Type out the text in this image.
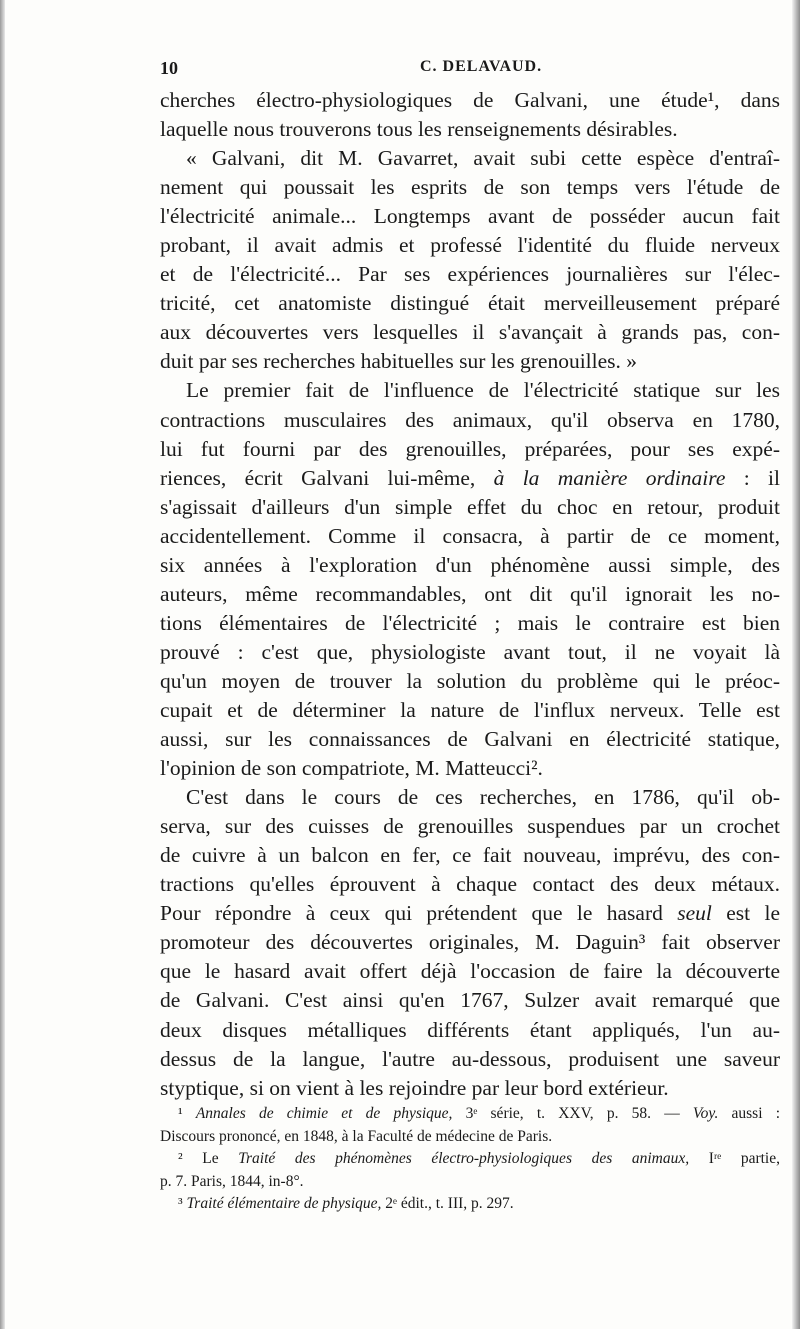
10	C. DELAVAUD.
cherches électro-physiologiques de Galvani, une étude¹, dans
laquelle nous trouverons tous les renseignements désirables.
« Galvani, dit M. Gavarret, avait subi cette espèce d'entraî-
nement qui poussait les esprits de son temps vers l'étude de
l'électricité animale... Longtemps avant de posséder aucun fait
probant, il avait admis et professé l'identité du fluide nerveux
et de l'électricité... Par ses expériences journalières sur l'élec-
tricité, cet anatomiste distingué était merveilleusement préparé
aux découvertes vers lesquelles il s'avançait à grands pas, con-
duit par ses recherches habituelles sur les grenouilles. »
Le premier fait de l'influence de l'électricité statique sur les
contractions musculaires des animaux, qu'il observa en 1780,
lui fut fourni par des grenouilles, préparées, pour ses expé-
riences, écrit Galvani lui-même, à la manière ordinaire : il
s'agissait d'ailleurs d'un simple effet du choc en retour, produit
accidentellement. Comme il consacra, à partir de ce moment,
six années à l'exploration d'un phénomène aussi simple, des
auteurs, même recommandables, ont dit qu'il ignorait les no-
tions élémentaires de l'électricité ; mais le contraire est bien
prouvé : c'est que, physiologiste avant tout, il ne voyait là
qu'un moyen de trouver la solution du problème qui le préoc-
cupait et de déterminer la nature de l'influx nerveux. Telle est
aussi, sur les connaissances de Galvani en électricité statique,
l'opinion de son compatriote, M. Matteucci².
C'est dans le cours de ces recherches, en 1786, qu'il ob-
serva, sur des cuisses de grenouilles suspendues par un crochet
de cuivre à un balcon en fer, ce fait nouveau, imprévu, des con-
tractions qu'elles éprouvent à chaque contact des deux métaux.
Pour répondre à ceux qui prétendent que le hasard seul est le
promoteur des découvertes originales, M. Daguin³ fait observer
que le hasard avait offert déjà l'occasion de faire la découverte
de Galvani. C'est ainsi qu'en 1767, Sulzer avait remarqué que
deux disques métalliques différents étant appliqués, l'un au-
dessus de la langue, l'autre au-dessous, produisent une saveur
styptique, si on vient à les rejoindre par leur bord extérieur.
¹ Annales de chimie et de physique, 3ᵉ série, t. XXV, p. 58. — Voy. aussi :
Discours prononcé, en 1848, à la Faculté de médecine de Paris.
² Le Traité des phénomènes électro-physiologiques des animaux, Iʳᵉ partie,
p. 7. Paris, 1844, in-8°.
³ Traité élémentaire de physique, 2ᵉ édit., t. III, p. 297.
